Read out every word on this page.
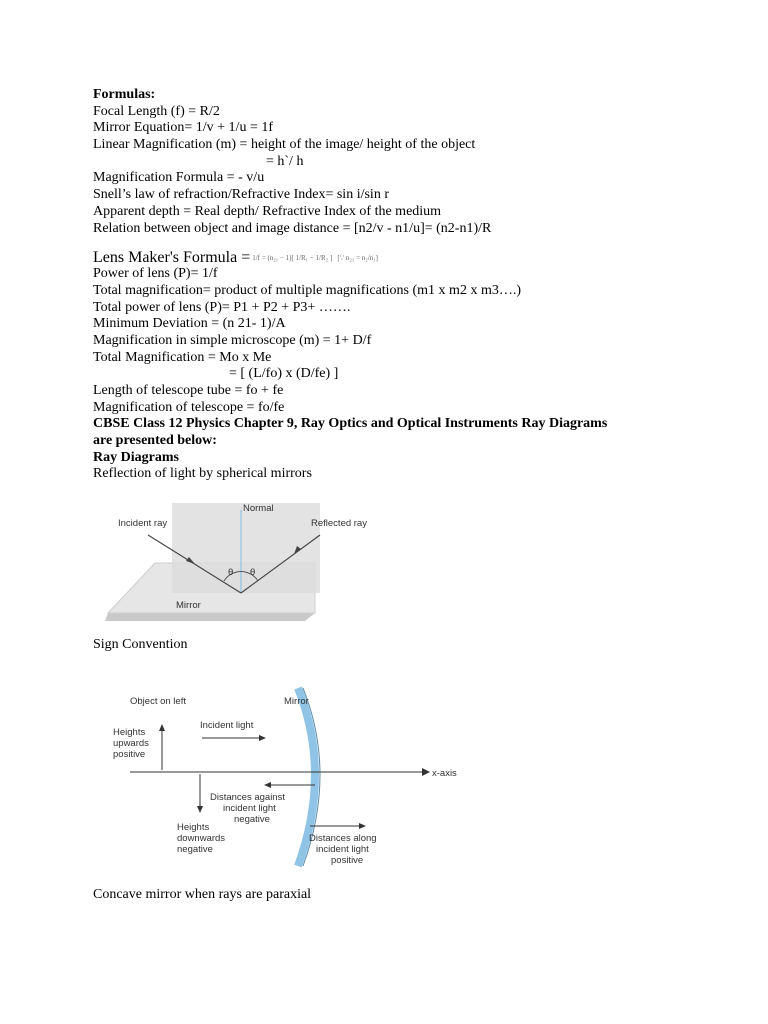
Formulas:
Focal Length (f) = R/2
Mirror Equation= 1/v + 1/u = 1f
Linear Magnification (m) = height of the image/ height of the object
= h`/ h
Magnification Formula = - v/u
Snell’s law of refraction/Refractive Index= sin i/sin r
Apparent depth = Real depth/ Refractive Index of the medium
Relation between object and image distance = [n2/v - n1/u]= (n2-n1)/R
Lens Maker's Formula = 1/f = (n₂₁ − 1)[ 1/R₁ − 1/R₂ ]   [∵ n₂₁ = n₂/n₁]
Power of lens (P)= 1/f
Total magnification= product of multiple magnifications (m1 x m2 x m3….)
Total power of lens (P)= P1 + P2 + P3+ …….
Minimum Deviation = (n 21- 1)/A
Magnification in simple microscope (m) = 1+ D/f
Total Magnification = Mo x Me
= [ (L/fo) x (D/fe) ]
Length of telescope tube = fo + fe
Magnification of telescope = fo/fe
CBSE Class 12 Physics Chapter 9, Ray Optics and Optical Instruments Ray Diagrams
are presented below:
Ray Diagrams
Reflection of light by spherical mirrors
Normal
Incident ray	Reflected ray
θ θ
Mirror
Sign Convention
Object on left	Mirror
Incident light
Heights
upwards
positive
x-axis
Distances against
incident light
negative
Heights
downwards
negative
Distances along
incident light
positive
Concave mirror when rays are paraxial
